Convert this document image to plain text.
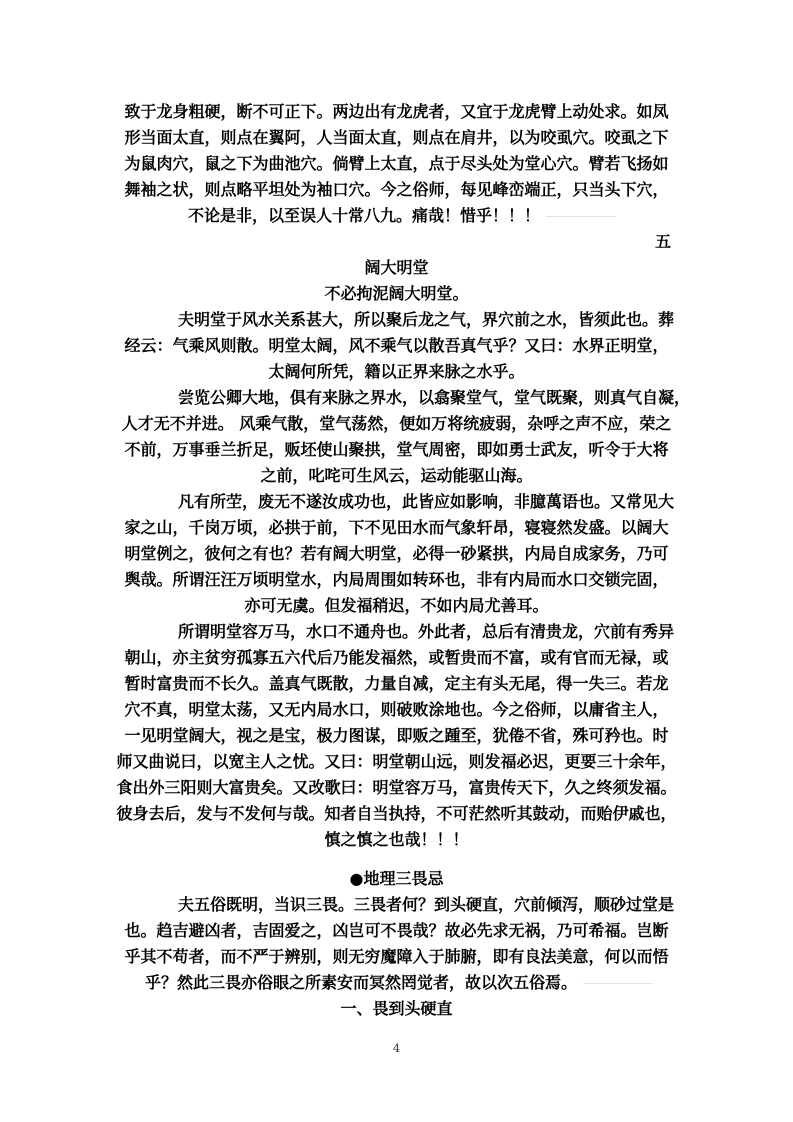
致于龙身粗硬，断不可正下。两边出有龙虎者，又宜于龙虎臂上动处求。如凤

形当面太直，则点在翼阿，人当面太直，则点在肩井，以为咬虱穴。咬虱之下

为鼠肉穴，鼠之下为曲池穴。倘臂上太直，点于尽头处为堂心穴。臂若飞扬如

舞袖之状，则点略平坦处为袖口穴。今之俗师，每见峰峦端正，只当头下穴，

不论是非，以至误人十常八九。痛哉！惜乎！！！
五
阔大明堂

不必拘泥阔大明堂。

夫明堂于风水关系甚大，所以聚后龙之气，界穴前之水，皆须此也。葬

经云：气乘风则散。明堂太阔，风不乘气以散吾真气乎？又曰：水界正明堂，

太阔何所凭，籍以正界来脉之水乎。

尝览公卿大地，俱有来脉之界水，以翕聚堂气，堂气既聚，则真气自凝，

人才无不并进。 风乘气散，堂气荡然，便如万将统疲弱，杂呼之声不应，荣之

不前，万事垂兰折足，贩坯使山聚拱，堂气周密，即如勇士武友，听令于大将

之前，叱咤可生风云，运动能驱山海。

凡有所茔，废无不遂汝成功也，此皆应如影响，非臆萬语也。又常见大

家之山，千岗万顷，必拱于前，下不见田水而气象轩昂，寝寝然发盛。以阔大

明堂例之，彼何之有也？若有阔大明堂，必得一砂紧拱，内局自成家务，乃可

舆哉。所谓汪汪万顷明堂水，内局周围如转环也，非有内局而水口交锁完固，

亦可无虞。但发福稍迟，不如内局尤善耳。

所谓明堂容万马，水口不通舟也。外此者，总后有清贵龙，穴前有秀异

朝山，亦主贫穷孤寡五六代后乃能发福然，或暂贵而不富，或有官而无禄，或

暂时富贵而不长久。盖真气既散，力量自减，定主有头无尾，得一失三。若龙

穴不真，明堂太荡，又无内局水口，则破败涂地也。今之俗师，以庸省主人，

一见明堂阔大，视之是宝，极力图谋，即贩之踵至，犹倦不省，殊可矜也。时

师又曲说曰，以宽主人之忧。又曰：明堂朝山远，则发福必迟，更要三十余年，

食出外三阳则大富贵矣。又改歌曰：明堂容万马，富贵传天下，久之终须发福。

彼身去后，发与不发何与哉。知者自当执持，不可茫然听其鼓动，而贻伊戚也，

慎之慎之也哉！！！

●地理三畏忌

夫五俗既明，当识三畏。三畏者何？到头硬直，穴前倾泻，顺砂过堂是

也。趋吉避凶者，吉固爱之，凶岂可不畏哉？故必先求无祸，乃可希福。岂断

乎其不苟者，而不严于辨别，则无穷魔障入于肺腑，即有良法美意，何以而悟

乎？然此三畏亦俗眼之所素安而冥然罔觉者，故以次五俗焉。
一、畏到头硬直
4
